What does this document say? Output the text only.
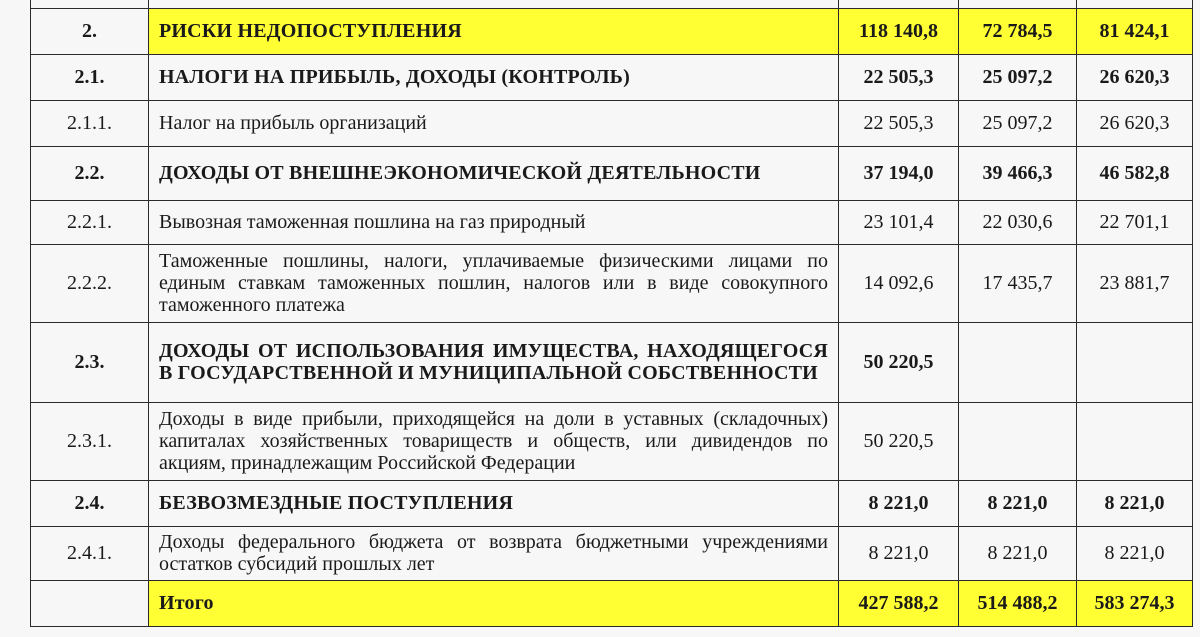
2.	РИСКИ НЕДОПОСТУПЛЕНИЯ	118 140,8	72 784,5	81 424,1
2.1.	НАЛОГИ НА ПРИБЫЛЬ, ДОХОДЫ (КОНТРОЛЬ)	22 505,3	25 097,2	26 620,3
2.1.1.	Налог на прибыль организаций	22 505,3	25 097,2	26 620,3
2.2.	ДОХОДЫ ОТ ВНЕШНЕЭКОНОМИЧЕСКОЙ ДЕЯТЕЛЬНОСТИ	37 194,0	39 466,3	46 582,8
2.2.1.	Вывозная таможенная пошлина на газ природный	23 101,4	22 030,6	22 701,1
2.2.2.	Таможенные пошлины, налоги, уплачиваемые физическими лицами по единым ставкам таможенных пошлин, налогов или в виде совокупного таможенного платежа	14 092,6	17 435,7	23 881,7
2.3.	ДОХОДЫ ОТ ИСПОЛЬЗОВАНИЯ ИМУЩЕСТВА, НАХОДЯЩЕГОСЯ В ГОСУДАРСТВЕННОЙ И МУНИЦИПАЛЬНОЙ СОБСТВЕННОСТИ	50 220,5		
2.3.1.	Доходы в виде прибыли, приходящейся на доли в уставных (складочных) капиталах хозяйственных товариществ и обществ, или дивидендов по акциям, принадлежащим Российской Федерации	50 220,5		
2.4.	БЕЗВОЗМЕЗДНЫЕ ПОСТУПЛЕНИЯ	8 221,0	8 221,0	8 221,0
2.4.1.	Доходы федерального бюджета от возврата бюджетными учреждениями остатков субсидий прошлых лет	8 221,0	8 221,0	8 221,0
	Итого	427 588,2	514 488,2	583 274,3
